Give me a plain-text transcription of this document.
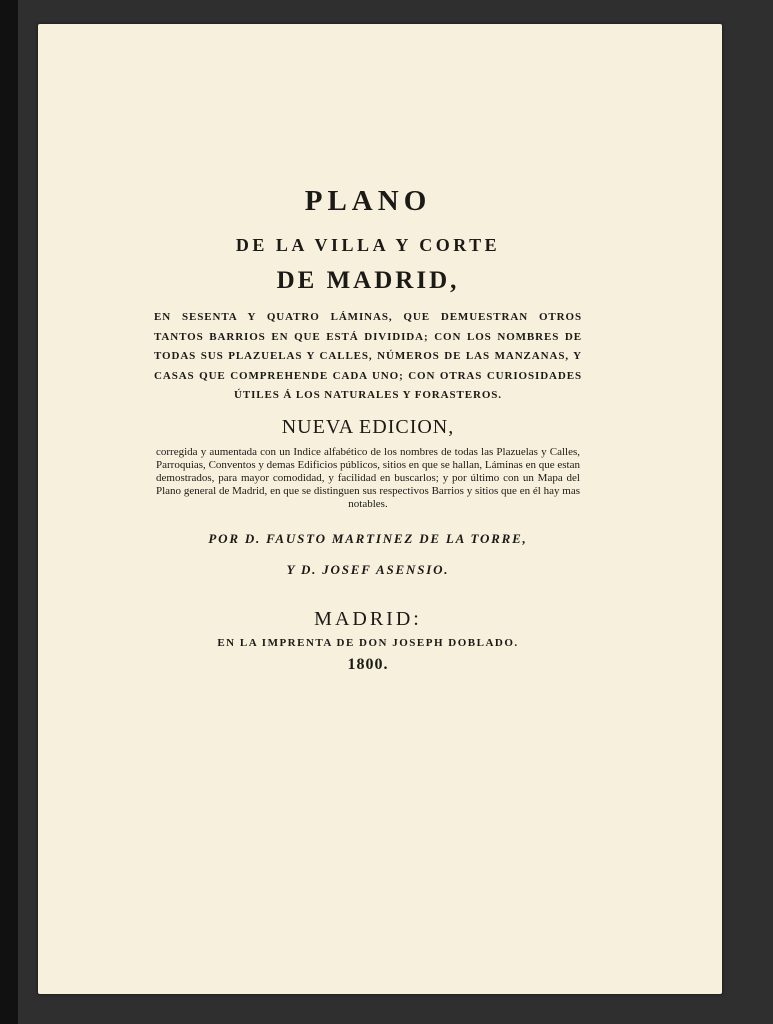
PLANO
DE LA VILLA Y CORTE
DE MADRID,
EN SESENTA Y QUATRO LÁMINAS, QUE DEMUESTRAN OTROS TANTOS BARRIOS EN QUE ESTÁ DIVIDIDA; CON LOS NOMBRES DE TODAS SUS PLAZUELAS Y CALLES, NÚMEROS DE LAS MANZANAS, Y CASAS QUE COMPREHENDE CADA UNO; CON OTRAS CURIOSIDADES ÚTILES Á LOS NATURALES Y FORASTEROS.
NUEVA EDICION,
corregida y aumentada con un Indice alfabético de los nombres de todas las Plazuelas y Calles, Parroquias, Conventos y demas Edificios públicos, sitios en que se hallan, Láminas en que estan demostrados, para mayor comodidad, y facilidad en buscarlos; y por último con un Mapa del Plano general de Madrid, en que se distinguen sus respectivos Barrios y sitios que en él hay mas notables.
POR D. FAUSTO MARTINEZ DE LA TORRE,
Y D. JOSEF ASENSIO.
MADRID:
EN LA IMPRENTA DE DON JOSEPH DOBLADO.
1800.
